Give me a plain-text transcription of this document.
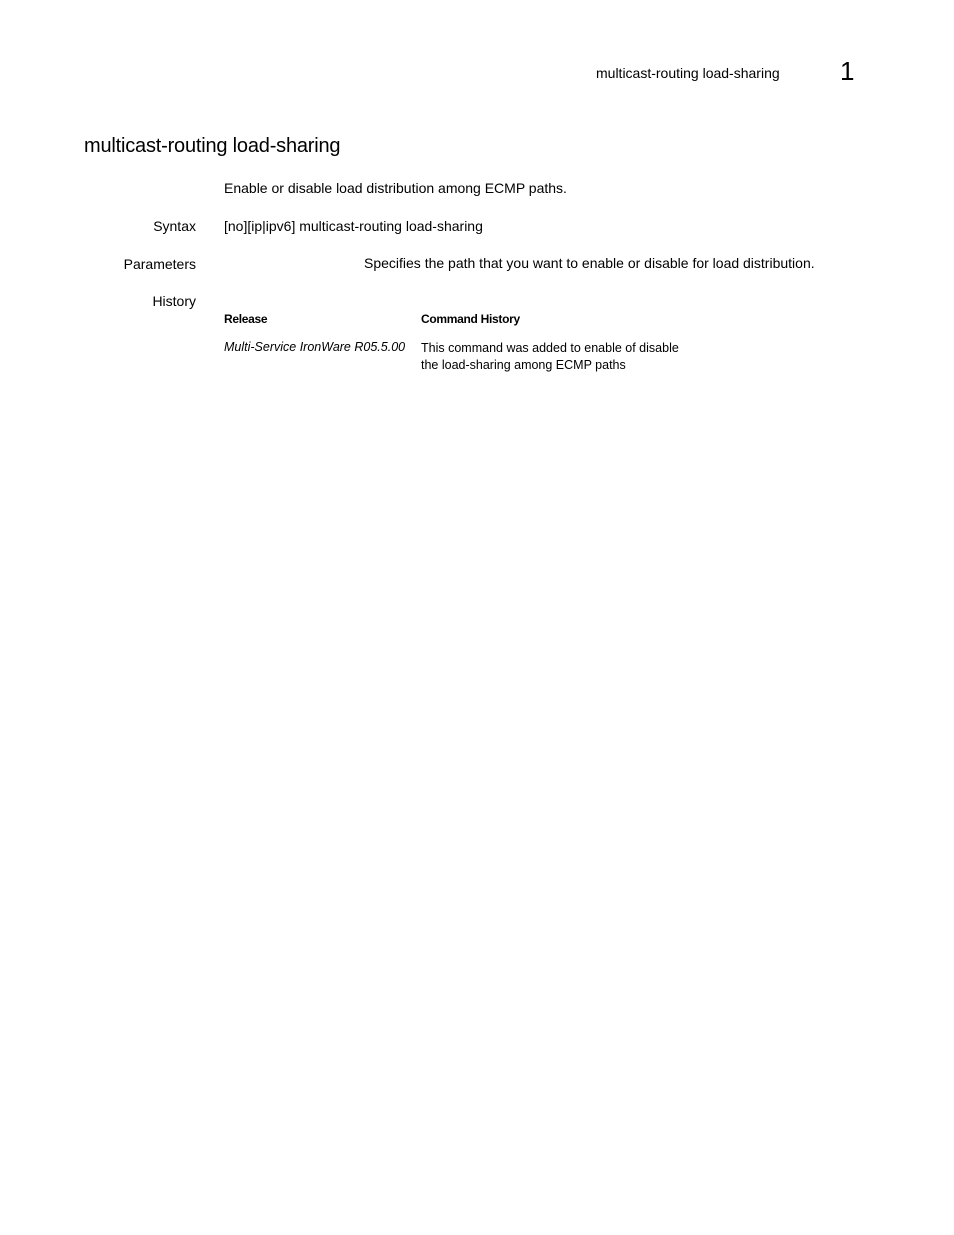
multicast-routing load-sharing 1
multicast-routing load-sharing
Enable or disable load distribution among ECMP paths.
Syntax [no][ip|ipv6] multicast-routing load-sharing
Parameters	Specifies the path that you want to enable or disable for load distribution.
History
Release	Command History
Multi-Service IronWare R05.5.00 This command was added to enable of disable the load-sharing among ECMP paths
